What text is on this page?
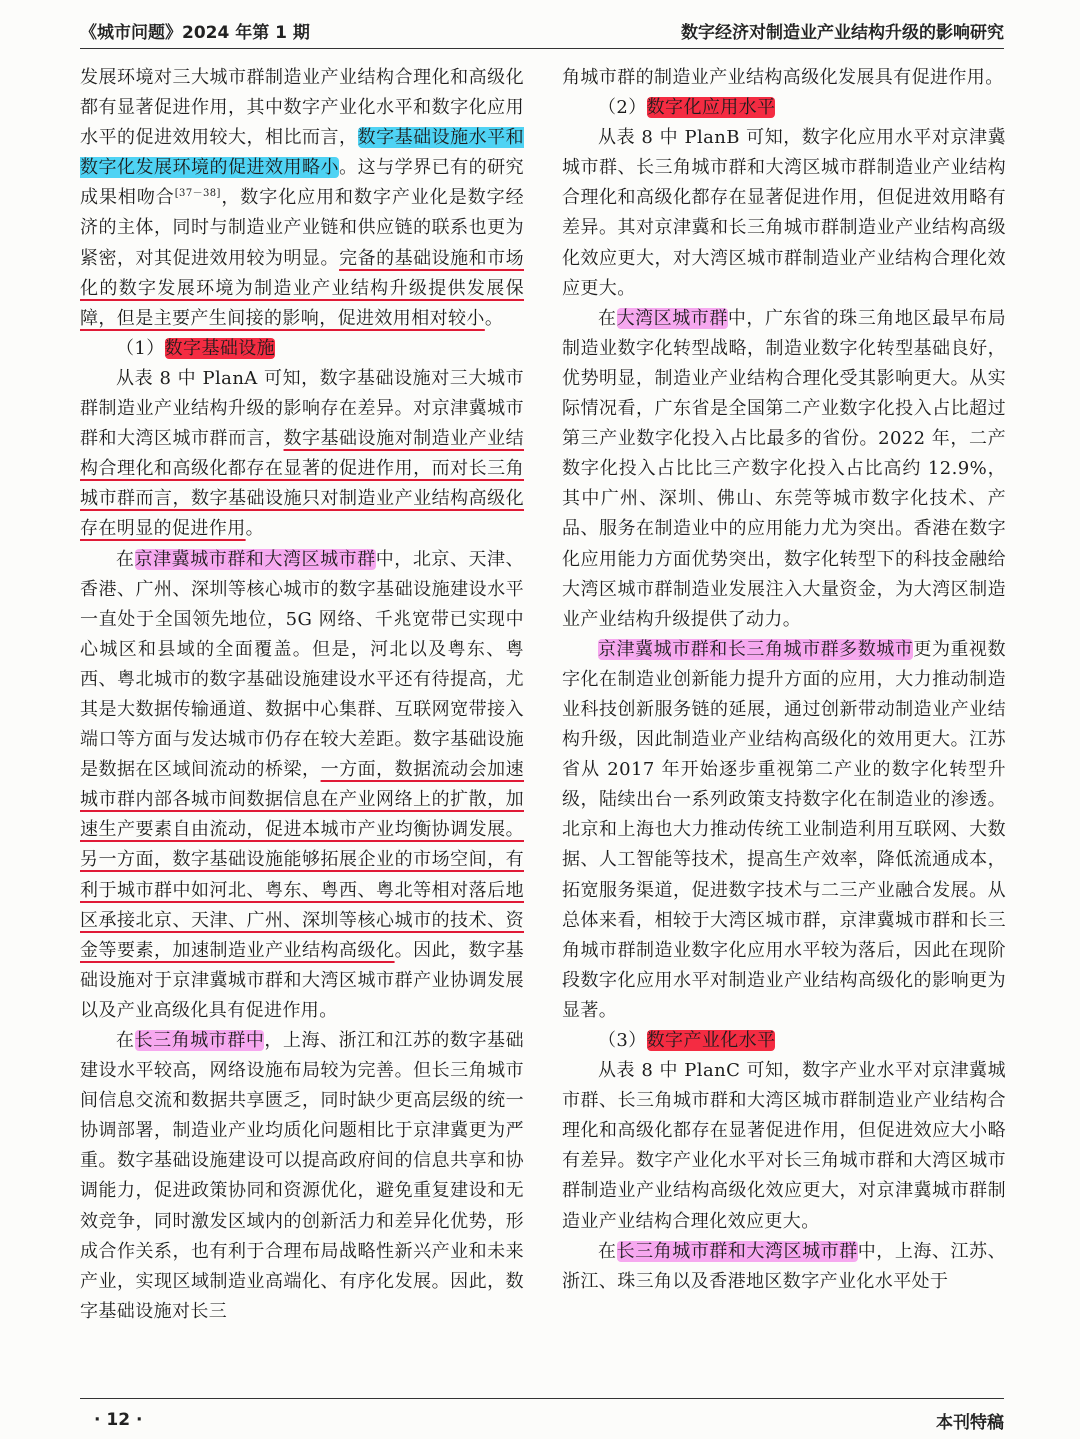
《城市问题》2024 年第 1 期	数字经济对制造业产业结构升级的影响研究

发展环境对三大城市群制造业产业结构合理化和高级化都有显著促进作用，其中数字产业化水平和数字化应用水平的促进效用较大，相比而言，数字基础设施水平和数字化发展环境的促进效用略小。这与学界已有的研究成果相吻合[37－38]，数字化应用和数字产业化是数字经济的主体，同时与制造业产业链和供应链的联系也更为紧密，对其促进效用较为明显。完备的基础设施和市场化的数字发展环境为制造业产业结构升级提供发展保障，但是主要产生间接的影响，促进效用相对较小。

（1）数字基础设施

从表 8 中 PlanA 可知，数字基础设施对三大城市群制造业产业结构升级的影响存在差异。对京津冀城市群和大湾区城市群而言，数字基础设施对制造业产业结构合理化和高级化都存在显著的促进作用，而对长三角城市群而言，数字基础设施只对制造业产业结构高级化存在明显的促进作用。

在京津冀城市群和大湾区城市群中，北京、天津、香港、广州、深圳等核心城市的数字基础设施建设水平一直处于全国领先地位，5G 网络、千兆宽带已实现中心城区和县域的全面覆盖。但是，河北以及粤东、粤西、粤北城市的数字基础设施建设水平还有待提高，尤其是大数据传输通道、数据中心集群、互联网宽带接入端口等方面与发达城市仍存在较大差距。数字基础设施是数据在区域间流动的桥梁，一方面，数据流动会加速城市群内部各城市间数据信息在产业网络上的扩散，加速生产要素自由流动，促进本城市产业均衡协调发展。另一方面，数字基础设施能够拓展企业的市场空间，有利于城市群中如河北、粤东、粤西、粤北等相对落后地区承接北京、天津、广州、深圳等核心城市的技术、资金等要素，加速制造业产业结构高级化。因此，数字基础设施对于京津冀城市群和大湾区城市群产业协调发展以及产业高级化具有促进作用。

在长三角城市群中，上海、浙江和江苏的数字基础建设水平较高，网络设施布局较为完善。但长三角城市间信息交流和数据共享匮乏，同时缺少更高层级的统一协调部署，制造业产业均质化问题相比于京津冀更为严重。数字基础设施建设可以提高政府间的信息共享和协调能力，促进政策协同和资源优化，避免重复建设和无效竞争，同时激发区域内的创新活力和差异化优势，形成合作关系，也有利于合理布局战略性新兴产业和未来产业，实现区域制造业高端化、有序化发展。因此，数字基础设施对长三

角城市群的制造业产业结构高级化发展具有促进作用。

（2）数字化应用水平

从表 8 中 PlanB 可知，数字化应用水平对京津冀城市群、长三角城市群和大湾区城市群制造业产业结构合理化和高级化都存在显著促进作用，但促进效用略有差异。其对京津冀和长三角城市群制造业产业结构高级化效应更大，对大湾区城市群制造业产业结构合理化效应更大。

在大湾区城市群中，广东省的珠三角地区最早布局制造业数字化转型战略，制造业数字化转型基础良好，优势明显，制造业产业结构合理化受其影响更大。从实际情况看，广东省是全国第二产业数字化投入占比超过第三产业数字化投入占比最多的省份。2022 年，二产数字化投入占比比三产数字化投入占比高约 12.9%，其中广州、深圳、佛山、东莞等城市数字化技术、产品、服务在制造业中的应用能力尤为突出。香港在数字化应用能力方面优势突出，数字化转型下的科技金融给大湾区城市群制造业发展注入大量资金，为大湾区制造业产业结构升级提供了动力。

京津冀城市群和长三角城市群多数城市更为重视数字化在制造业创新能力提升方面的应用，大力推动制造业科技创新服务链的延展，通过创新带动制造业产业结构升级，因此制造业产业结构高级化的效用更大。江苏省从 2017 年开始逐步重视第二产业的数字化转型升级，陆续出台一系列政策支持数字化在制造业的渗透。北京和上海也大力推动传统工业制造利用互联网、大数据、人工智能等技术，提高生产效率，降低流通成本，拓宽服务渠道，促进数字技术与二三产业融合发展。从总体来看，相较于大湾区城市群，京津冀城市群和长三角城市群制造业数字化应用水平较为落后，因此在现阶段数字化应用水平对制造业产业结构高级化的影响更为显著。

（3）数字产业化水平

从表 8 中 PlanC 可知，数字产业水平对京津冀城市群、长三角城市群和大湾区城市群制造业产业结构合理化和高级化都存在显著促进作用，但促进效应大小略有差异。数字产业化水平对长三角城市群和大湾区城市群制造业产业结构高级化效应更大，对京津冀城市群制造业产业结构合理化效应更大。

在长三角城市群和大湾区城市群中，上海、江苏、浙江、珠三角以及香港地区数字产业化水平处于

· 12 ·	本刊特稿
